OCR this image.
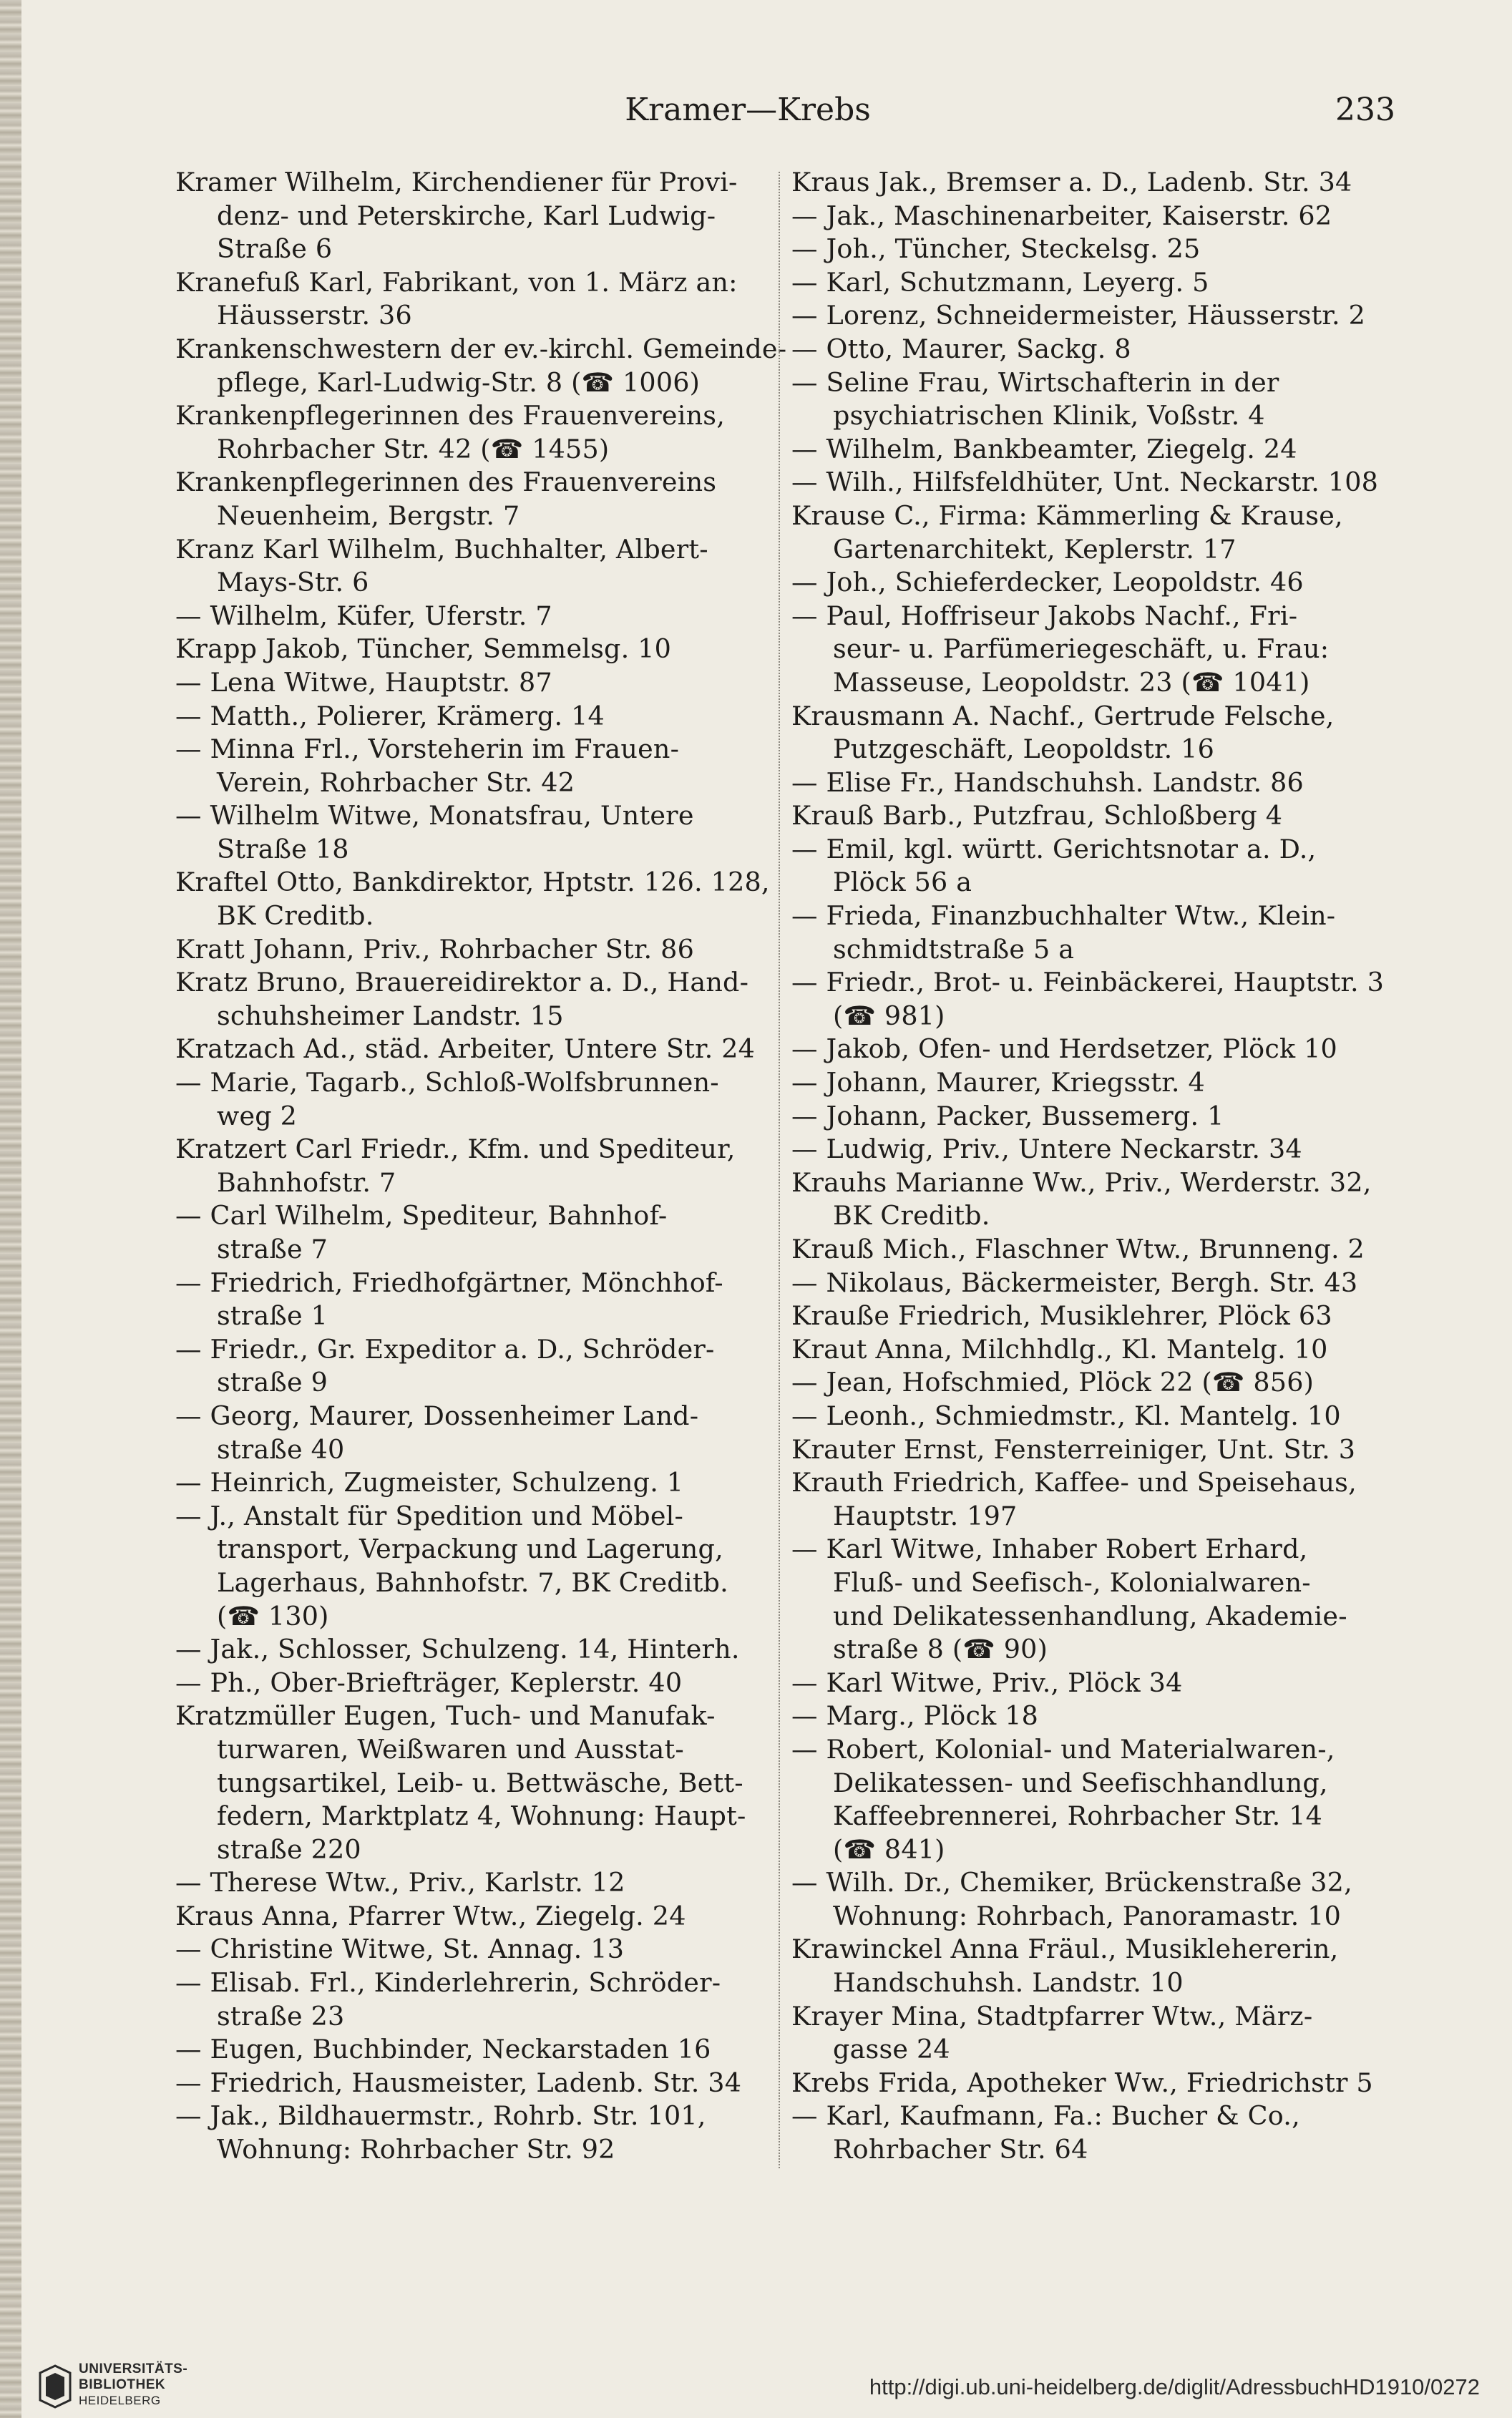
Kramer—Krebs	233
Kramer Wilhelm, Kirchendiener für Provi-
denz- und Peterskirche, Karl Ludwig-
Straße 6
Kranefuß Karl, Fabrikant, von 1. März an:
Häusserstr. 36
Krankenschwestern der ev.-kirchl. Gemeinde-
pflege, Karl-Ludwig-Str. 8 (☎ 1006)
Krankenpflegerinnen des Frauenvereins,
Rohrbacher Str. 42 (☎ 1455)
Krankenpflegerinnen des Frauenvereins
Neuenheim, Bergstr. 7
Kranz Karl Wilhelm, Buchhalter, Albert-
Mays-Str. 6
— Wilhelm, Küfer, Uferstr. 7
Krapp Jakob, Tüncher, Semmelsg. 10
— Lena Witwe, Hauptstr. 87
— Matth., Polierer, Krämerg. 14
— Minna Frl., Vorsteherin im Frauen-
Verein, Rohrbacher Str. 42
— Wilhelm Witwe, Monatsfrau, Untere
Straße 18
Kraftel Otto, Bankdirektor, Hptstr. 126. 128,
BK Creditb.
Kratt Johann, Priv., Rohrbacher Str. 86
Kratz Bruno, Brauereidirektor a. D., Hand-
schuhsheimer Landstr. 15
Kratzach Ad., städ. Arbeiter, Untere Str. 24
— Marie, Tagarb., Schloß-Wolfsbrunnen-
weg 2
Kratzert Carl Friedr., Kfm. und Spediteur,
Bahnhofstr. 7
— Carl Wilhelm, Spediteur, Bahnhof-
straße 7
— Friedrich, Friedhofgärtner, Mönchhof-
straße 1
— Friedr., Gr. Expeditor a. D., Schröder-
straße 9
— Georg, Maurer, Dossenheimer Land-
straße 40
— Heinrich, Zugmeister, Schulzeng. 1
— J., Anstalt für Spedition und Möbel-
transport, Verpackung und Lagerung,
Lagerhaus, Bahnhofstr. 7, BK Creditb.
(☎ 130)
— Jak., Schlosser, Schulzeng. 14, Hinterh.
— Ph., Ober-Briefträger, Keplerstr. 40
Kratzmüller Eugen, Tuch- und Manufak-
turwaren, Weißwaren und Ausstat-
tungsartikel, Leib- u. Bettwäsche, Bett-
federn, Marktplatz 4, Wohnung: Haupt-
straße 220
— Therese Wtw., Priv., Karlstr. 12
Kraus Anna, Pfarrer Wtw., Ziegelg. 24
— Christine Witwe, St. Annag. 13
— Elisab. Frl., Kinderlehrerin, Schröder-
straße 23
— Eugen, Buchbinder, Neckarstaden 16
— Friedrich, Hausmeister, Ladenb. Str. 34
— Jak., Bildhauermstr., Rohrb. Str. 101,
Wohnung: Rohrbacher Str. 92
Kraus Jak., Bremser a. D., Ladenb. Str. 34
— Jak., Maschinenarbeiter, Kaiserstr. 62
— Joh., Tüncher, Steckelsg. 25
— Karl, Schutzmann, Leyerg. 5
— Lorenz, Schneidermeister, Häusserstr. 2
— Otto, Maurer, Sackg. 8
— Seline Frau, Wirtschafterin in der
psychiatrischen Klinik, Voßstr. 4
— Wilhelm, Bankbeamter, Ziegelg. 24
— Wilh., Hilfsfeldhüter, Unt. Neckarstr. 108
Krause C., Firma: Kämmerling & Krause,
Gartenarchitekt, Keplerstr. 17
— Joh., Schieferdecker, Leopoldstr. 46
— Paul, Hoffriseur Jakobs Nachf., Fri-
seur- u. Parfümeriegeschäft, u. Frau:
Masseuse, Leopoldstr. 23 (☎ 1041)
Krausmann A. Nachf., Gertrude Felsche,
Putzgeschäft, Leopoldstr. 16
— Elise Fr., Handschuhsh. Landstr. 86
Krauß Barb., Putzfrau, Schloßberg 4
— Emil, kgl. württ. Gerichtsnotar a. D.,
Plöck 56 a
— Frieda, Finanzbuchhalter Wtw., Klein-
schmidtstraße 5 a
— Friedr., Brot- u. Feinbäckerei, Hauptstr. 3
(☎ 981)
— Jakob, Ofen- und Herdsetzer, Plöck 10
— Johann, Maurer, Kriegsstr. 4
— Johann, Packer, Bussemerg. 1
— Ludwig, Priv., Untere Neckarstr. 34
Krauhs Marianne Ww., Priv., Werderstr. 32,
BK Creditb.
Krauß Mich., Flaschner Wtw., Brunneng. 2
— Nikolaus, Bäckermeister, Bergh. Str. 43
Krauße Friedrich, Musiklehrer, Plöck 63
Kraut Anna, Milchhdlg., Kl. Mantelg. 10
— Jean, Hofschmied, Plöck 22 (☎ 856)
— Leonh., Schmiedmstr., Kl. Mantelg. 10
Krauter Ernst, Fensterreiniger, Unt. Str. 3
Krauth Friedrich, Kaffee- und Speisehaus,
Hauptstr. 197
— Karl Witwe, Inhaber Robert Erhard,
Fluß- und Seefisch-, Kolonialwaren-
und Delikatessenhandlung, Akademie-
straße 8 (☎ 90)
— Karl Witwe, Priv., Plöck 34
— Marg., Plöck 18
— Robert, Kolonial- und Materialwaren-,
Delikatessen- und Seefischhandlung,
Kaffeebrennerei, Rohrbacher Str. 14
(☎ 841)
— Wilh. Dr., Chemiker, Brückenstraße 32,
Wohnung: Rohrbach, Panoramastr. 10
Krawinckel Anna Fräul., Musiklehererin,
Handschuhsh. Landstr. 10
Krayer Mina, Stadtpfarrer Wtw., März-
gasse 24
Krebs Frida, Apotheker Ww., Friedrichstr 5
— Karl, Kaufmann, Fa.: Bucher & Co.,
Rohrbacher Str. 64
UNIVERSITÄTS-
BIBLIOTHEK
HEIDELBERG
http://digi.ub.uni-heidelberg.de/diglit/AdressbuchHD1910/0272
